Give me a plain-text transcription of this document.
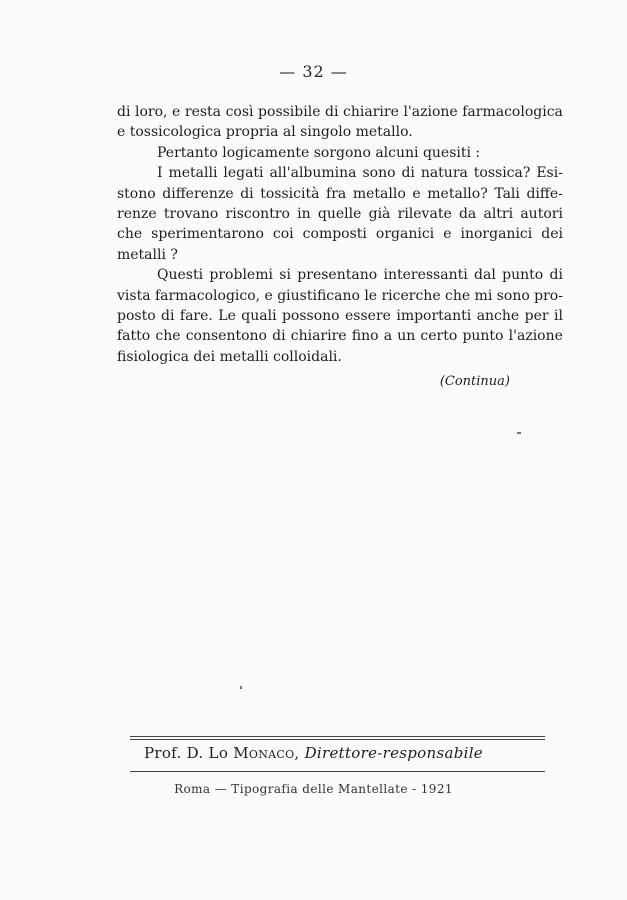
— 32 —
di loro, e resta così possibile di chiarire l'azione farmacologica
e tossicologica propria al singolo metallo.
Pertanto logicamente sorgono alcuni quesiti :
I metalli legati all'albumina sono di natura tossica? Esi-
stono differenze di tossicità fra metallo e metallo? Tali diffe-
renze trovano riscontro in quelle già rilevate da altri autori
che sperimentarono coi composti organici e inorganici dei
metalli ?
Questi problemi si presentano interessanti dal punto di
vista farmacologico, e giustificano le ricerche che mi sono pro-
posto di fare. Le quali possono essere importanti anche per il
fatto che consentono di chiarire fino a un certo punto l'azione
fisiologica dei metalli colloidali.
(Continua)
Prof. D. Lo Monaco, Direttore-responsabile
Roma — Tipografia delle Mantellate - 1921
